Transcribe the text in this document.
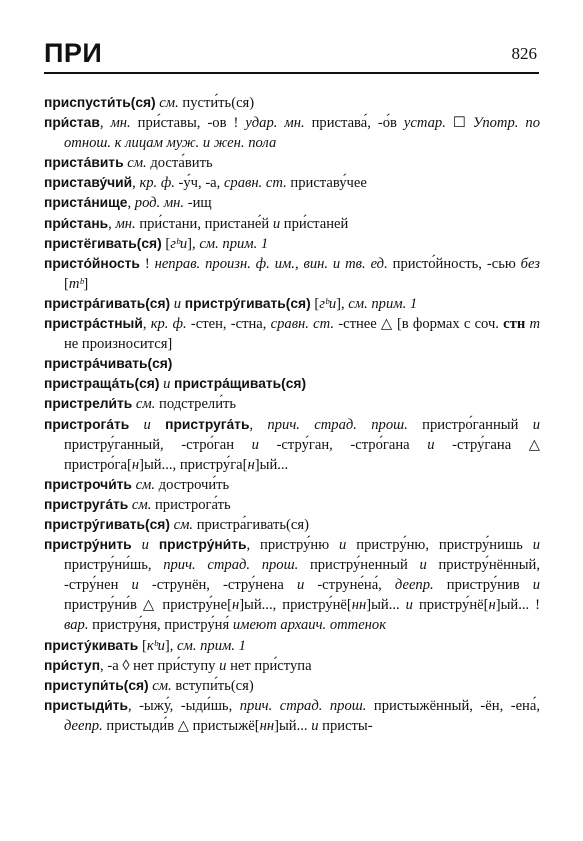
ПРИ	826
приспусти́ть(ся) см. пусти́ть(ся)
при́став, мн. при́ставы, -ов ! удар. мн. пристава́, -о́в устар. ☐ Употр. по отнош. к лицам муж. и жен. пола
приста́вить см. доста́вить
приставу́чий, кр. ф. -у́ч, -а, сравн. ст. приставу́чее
приста́нище, род. мн. -ищ
при́стань, мн. при́стани, пристане́й и при́станей
пристёгивать(ся) [гᵇи], см. прим. 1
присто́йность ! неправ. произн. ф. им., вин. и тв. ед. присто́йность, -сью без [тᵇ]
пристра́гивать(ся) и пристру́гивать(ся) [гᵇи], см. прим. 1
пристра́стный, кр. ф. -стен, -стна, сравн. ст. -стнее △ [в формах с соч. стн т не произносится]
пристра́чивать(ся)
пристраща́ть(ся) и пристра́щивать(ся)
пристрели́ть см. подстрели́ть
пристрога́ть и приструга́ть, прич. страд. прош. пристро́ганный и пристру́ганный, -стро́ган и -стру́ган, -стро́гана и -стру́гана △ пристро́га[н]ый..., пристру́га[н]ый...
пристрочи́ть см. дострочи́ть
приструга́ть см. пристрога́ть
пристру́гивать(ся) см. пристра́гивать(ся)
пристру́нить и пристру́ни́ть, пристру́ню и пристру́ню, пристру́нишь и пристру́ни́шь, прич. страд. прош. пристру́ненный и пристру́нённый, -стру́нен и -струнён, -стру́нена и -струне́на́, деепр. пристру́нив и пристру́ни́в △ пристру́не[н]ый..., пристру́нё[нн]ый... и пристру́нё[н]ый... ! вар. пристру́ня, пристру́ня́ имеют архаич. оттенок
присту́кивать [кᵇи], см. прим. 1
при́ступ, -а ◊ нет при́ступу и нет при́ступа
приступи́ть(ся) см. вступи́ть(ся)
пристыди́ть, -ыжу́, -ыди́шь, прич. страд. прош. пристыжённый, -ён, -ена́, деепр. пристыди́в △ пристыжё[нн]ый... и присты-
